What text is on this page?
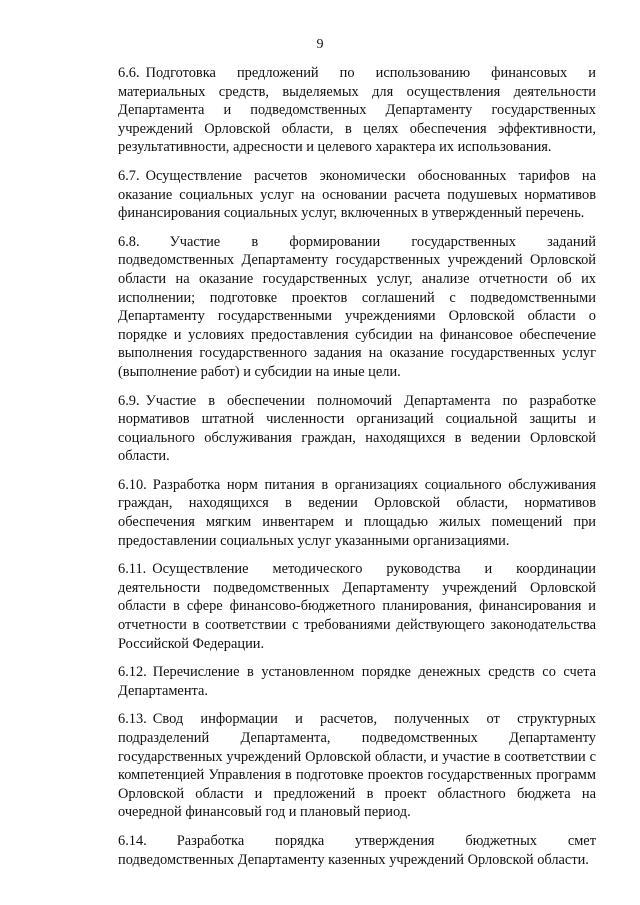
9

6.6. Подготовка предложений по использованию финансовых и материальных средств, выделяемых для осуществления деятельности Департамента и подведомственных Департаменту государственных учреждений Орловской области, в целях обеспечения эффективности, результативности, адресности и целевого характера их использования.

6.7. Осуществление расчетов экономически обоснованных тарифов на оказание социальных услуг на основании расчета подушевых нормативов финансирования социальных услуг, включенных в утвержденный перечень.

6.8. Участие в формировании государственных заданий подведомственных Департаменту государственных учреждений Орловской области на оказание государственных услуг, анализе отчетности об их исполнении; подготовке проектов соглашений с подведомственными Департаменту государственными учреждениями Орловской области о порядке и условиях предоставления субсидии на финансовое обеспечение выполнения государственного задания на оказание государственных услуг (выполнение работ) и субсидии на иные цели.

6.9. Участие в обеспечении полномочий Департамента по разработке нормативов штатной численности организаций социальной защиты и социального обслуживания граждан, находящихся в ведении Орловской области.

6.10. Разработка норм питания в организациях социального обслуживания граждан, находящихся в ведении Орловской области, нормативов обеспечения мягким инвентарем и площадью жилых помещений при предоставлении социальных услуг указанными организациями.

6.11. Осуществление методического руководства и координации деятельности подведомственных Департаменту учреждений Орловской области в сфере финансово-бюджетного планирования, финансирования и отчетности в соответствии с требованиями действующего законодательства Российской Федерации.

6.12. Перечисление в установленном порядке денежных средств со счета Департамента.

6.13. Свод информации и расчетов, полученных от структурных подразделений Департамента, подведомственных Департаменту государственных учреждений Орловской области, и участие в соответствии с компетенцией Управления в подготовке проектов государственных программ Орловской области и предложений в проект областного бюджета на очередной финансовый год и плановый период.

6.14. Разработка порядка утверждения бюджетных смет подведомственных Департаменту казенных учреждений Орловской области.
